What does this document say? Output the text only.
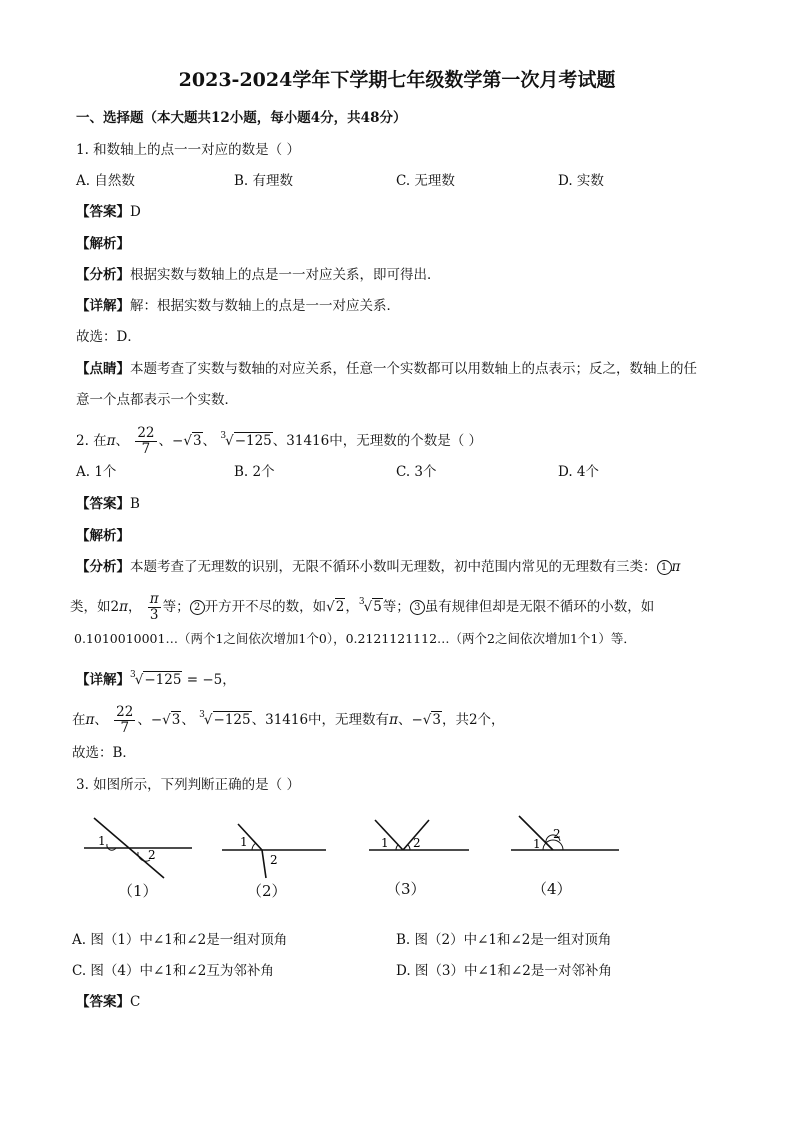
2023-2024学年下学期七年级数学第一次月考试题
一、选择题（本大题共12小题，每小题4分，共48分）
1. 和数轴上的点一一对应的数是（ ）
A. 自然数	B. 有理数	C. 无理数	D. 实数
【答案】D
【解析】
【分析】根据实数与数轴上的点是一一对应关系，即可得出．
【详解】解：根据实数与数轴上的点是一一对应关系．
故选：D．
【点睛】本题考查了实数与数轴的对应关系，任意一个实数都可以用数轴上的点表示；反之，数轴上的任
意一个点都表示一个实数．
2. 在π、 $\frac{22}{7}$ 、−√3、 $^3$√−125、31416中，无理数的个数是（ ）
A. 1个	B. 2个	C. 3个	D. 4个
【答案】B
【解析】
【分析】本题考查了无理数的识别，无限不循环小数叫无理数，初中范围内常见的无理数有三类： 1 π
类，如2π， $\frac{\pi}{3}$ 等； 2 开方开不尽的数，如√2，$^3$√5等； 3 虽有规律但却是无限不循环的小数，如
0.1010010001…（两个1之间依次增加1个0），0.2121121112…（两个2之间依次增加1个1）等．
【详解】$^3$√−125 = −5，
在π、 $\frac{22}{7}$ 、−√3、 $^3$√−125、31416中，无理数有π、−√3，共2个，
故选：B．
3. 如图所示，下列判断正确的是（ ）
1
2
（1）
1
2
（2）
1 2
（3）
1
2
（4）
A. 图（1）中∠1和∠2是一组对顶角	B. 图（2）中∠1和∠2是一组对顶角
C. 图（4）中∠1和∠2互为邻补角	D. 图（3）中∠1和∠2是一对邻补角
【答案】C
